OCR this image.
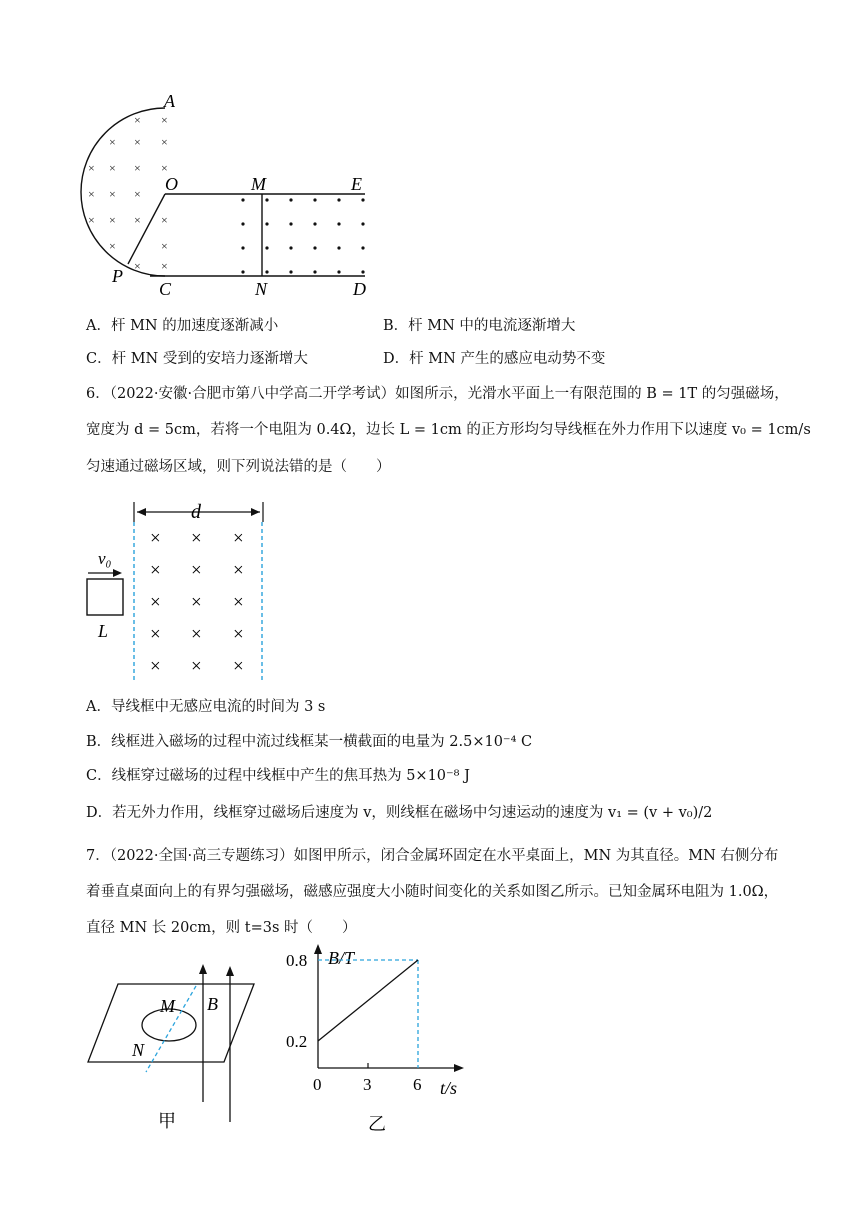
× ×
× × ×
× × × ×
× × ×
× × × ×
×	×
× ×
A
O	M	E
P
C	N	D
A．杆 MN 的加速度逐渐减小	B．杆 MN 中的电流逐渐增大
C．杆 MN 受到的安培力逐渐增大	D．杆 MN 产生的感应电动势不变
6．（2022·安徽·合肥市第八中学高二开学考试）如图所示，光滑水平面上一有限范围的 B = 1T 的匀强磁场，
宽度为 d = 5cm，若将一个电阻为 0.4Ω，边长 L = 1cm 的正方形均匀导线框在外力作用下以速度 v₀ = 1cm/s
匀速通过磁场区域，则下列说法错的是（　　）
d
× × ×
× × ×
× × ×
× × ×
× × ×
v₀
L
A．导线框中无感应电流的时间为 3 s
B．线框进入磁场的过程中流过线框某一横截面的电量为 2.5×10⁻⁴ C
C．线框穿过磁场的过程中线框中产生的焦耳热为 5×10⁻⁸ J
D．若无外力作用，线框穿过磁场后速度为 v，则线框在磁场中匀速运动的速度为 v₁ = (v + v₀)/2
7．（2022·全国·高三专题练习）如图甲所示，闭合金属环固定在水平桌面上，MN 为其直径。MN 右侧分布
着垂直桌面向上的有界匀强磁场，磁感应强度大小随时间变化的关系如图乙所示。已知金属环电阻为 1.0Ω，
直径 MN 长 20cm，则 t=3s 时（　　）
M
N
B
甲
B/T
t/s
0 3 6
0.2
0.8
乙
